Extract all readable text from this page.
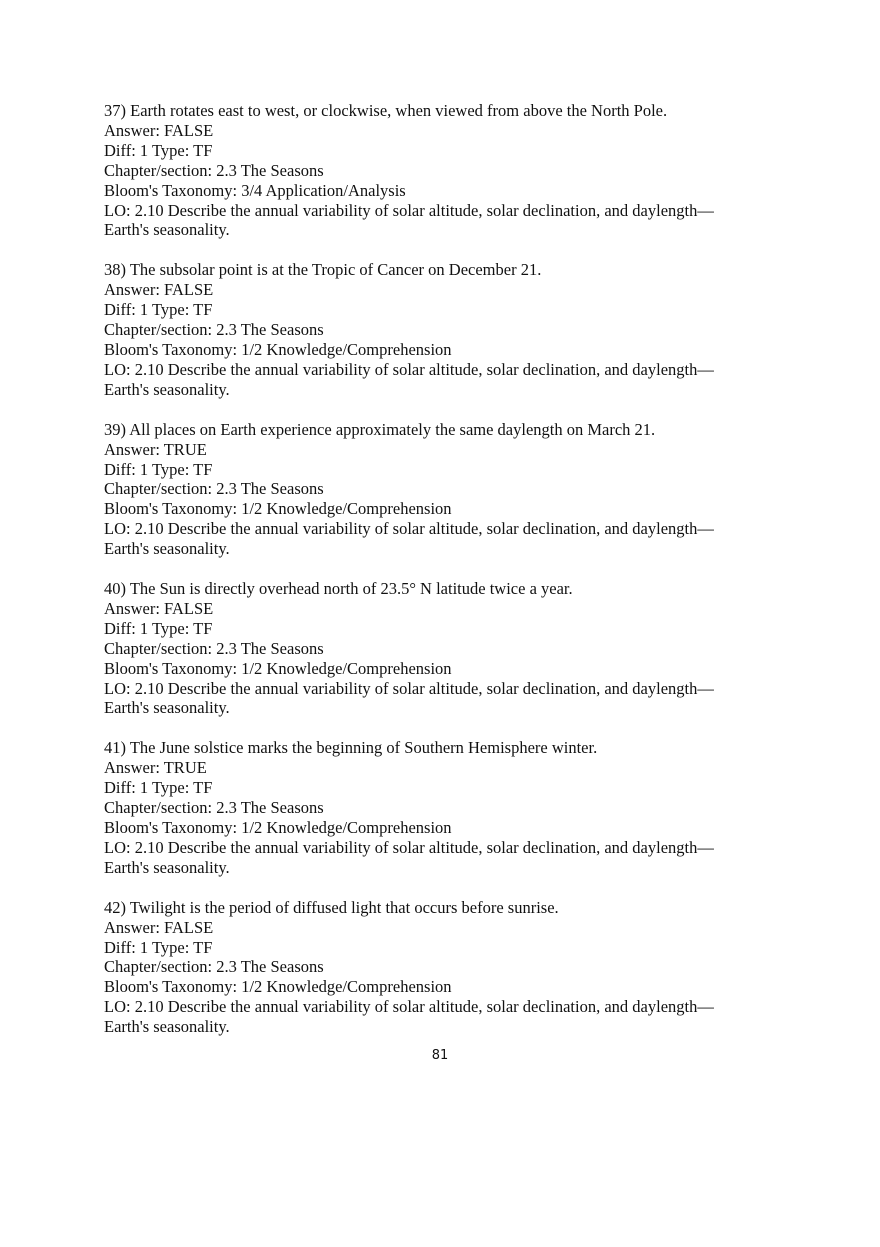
37) Earth rotates east to west, or clockwise, when viewed from above the North Pole.
Answer: FALSE
Diff: 1 Type: TF
Chapter/section: 2.3 The Seasons
Bloom's Taxonomy: 3/4 Application/Analysis
LO: 2.10 Describe the annual variability of solar altitude, solar declination, and daylength—
Earth's seasonality.
38) The subsolar point is at the Tropic of Cancer on December 21.
Answer: FALSE
Diff: 1 Type: TF
Chapter/section: 2.3 The Seasons
Bloom's Taxonomy: 1/2 Knowledge/Comprehension
LO: 2.10 Describe the annual variability of solar altitude, solar declination, and daylength—
Earth's seasonality.
39) All places on Earth experience approximately the same daylength on March 21.
Answer: TRUE
Diff: 1 Type: TF
Chapter/section: 2.3 The Seasons
Bloom's Taxonomy: 1/2 Knowledge/Comprehension
LO: 2.10 Describe the annual variability of solar altitude, solar declination, and daylength—
Earth's seasonality.
40) The Sun is directly overhead north of 23.5° N latitude twice a year.
Answer: FALSE
Diff: 1 Type: TF
Chapter/section: 2.3 The Seasons
Bloom's Taxonomy: 1/2 Knowledge/Comprehension
LO: 2.10 Describe the annual variability of solar altitude, solar declination, and daylength—
Earth's seasonality.
41) The June solstice marks the beginning of Southern Hemisphere winter.
Answer: TRUE
Diff: 1 Type: TF
Chapter/section: 2.3 The Seasons
Bloom's Taxonomy: 1/2 Knowledge/Comprehension
LO: 2.10 Describe the annual variability of solar altitude, solar declination, and daylength—
Earth's seasonality.
42) Twilight is the period of diffused light that occurs before sunrise.
Answer: FALSE
Diff: 1 Type: TF
Chapter/section: 2.3 The Seasons
Bloom's Taxonomy: 1/2 Knowledge/Comprehension
LO: 2.10 Describe the annual variability of solar altitude, solar declination, and daylength—
Earth's seasonality.
81
